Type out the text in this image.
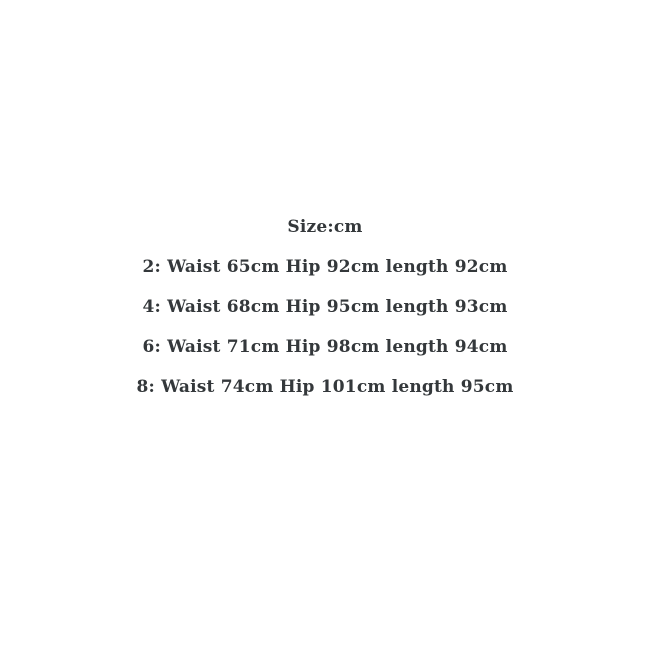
Size:cm
2: Waist 65cm Hip 92cm length 92cm
4: Waist 68cm Hip 95cm length 93cm
6: Waist 71cm Hip 98cm length 94cm
8: Waist 74cm Hip 101cm length 95cm
